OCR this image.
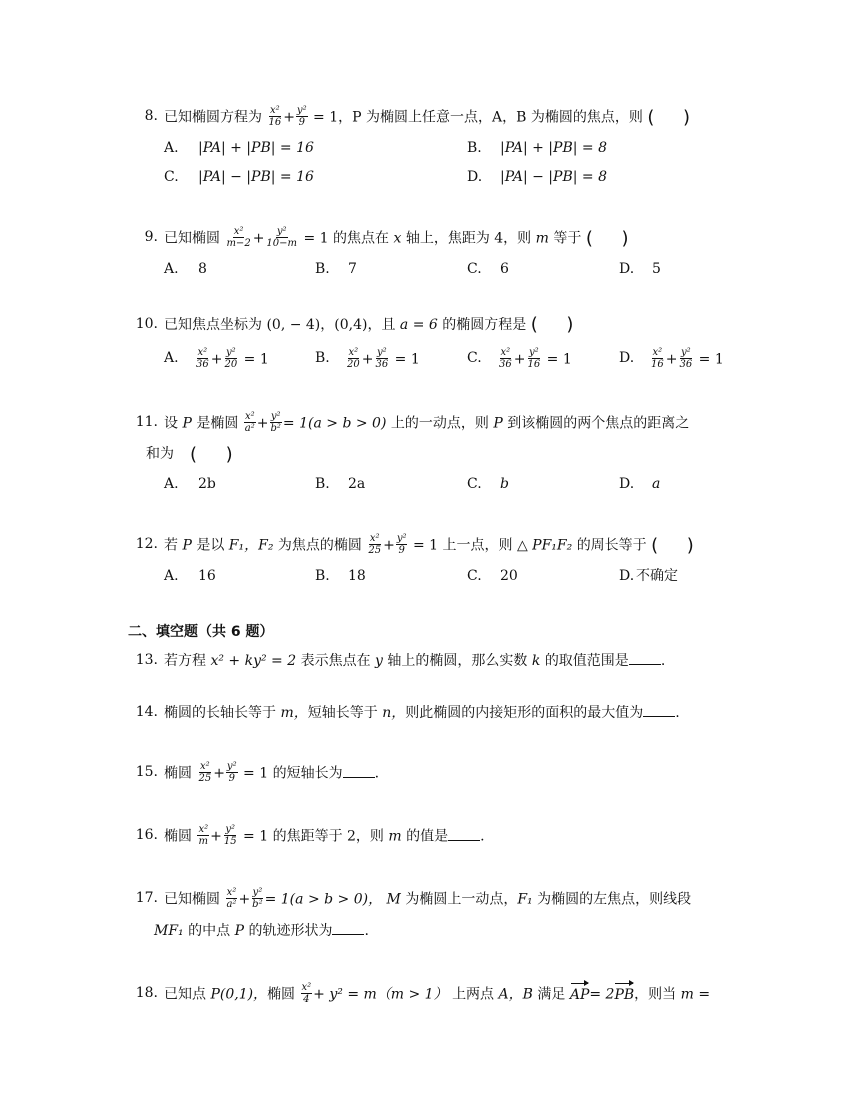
8. 已知椭圆方程为 $\frac{\text{x²}}{16} + \frac{\text{y²}}{9} = 1$，P 为椭圆上任意一点，A，B 为椭圆的焦点，则 (     )
A. |PA| + |PB| = 16	B. |PA| + |PB| = 8
C. |PA| − |PB| = 16	D. |PA| − |PB| = 8
9. 已知椭圆 $\frac{\text{x²}}{m-2} + \frac{\text{y²}}{10-m} = 1$ 的焦点在 x 轴上，焦距为 4，则 m 等于 (     )
A. 8	B. 7	C. 6	D. 5
10. 已知焦点坐标为 (0, − 4)，(0,4)，且 a = 6 的椭圆方程是 (     )
A. $\frac{\text{x²}}{36} + \frac{\text{y²}}{20} = 1$	B. $\frac{\text{x²}}{20} + \frac{\text{y²}}{36} = 1$	C. $\frac{\text{x²}}{36} + \frac{\text{y²}}{16} = 1$	D. $\frac{\text{x²}}{16} + \frac{\text{y²}}{36} = 1$
11. 设 P 是椭圆 $\frac{\text{x²}}{\text{a²}} + \frac{\text{y²}}{\text{b²}} = 1(a > b > 0)$ 上的一动点，则 P 到该椭圆的两个焦点的距离之
和为 (     )
A. 2b	B. 2a	C. b	D. a
12. 若 P 是以 F₁，F₂ 为焦点的椭圆 $\frac{\text{x²}}{25} + \frac{\text{y²}}{9} = 1$ 上一点，则 △ PF₁F₂ 的周长等于 (     )
A. 16	B. 18	C. 20	D. 不确定
二、填空题（共 6 题）
13. 若方程 x² + ky² = 2 表示焦点在 y 轴上的椭圆，那么实数 k 的取值范围是 .
14. 椭圆的长轴长等于 m，短轴长等于 n，则此椭圆的内接矩形的面积的最大值为 .
15. 椭圆 $\frac{\text{x²}}{25} + \frac{\text{y²}}{9} = 1$ 的短轴长为 .
16. 椭圆 $\frac{\text{x²}}{m} + \frac{\text{y²}}{15} = 1$ 的焦距等于 2，则 m 的值是 .
17. 已知椭圆 $\frac{\text{x²}}{\text{a²}} + \frac{\text{y²}}{\text{b²}} = 1(a > b > 0)$， M 为椭圆上一动点，F₁ 为椭圆的左焦点，则线段
MF₁ 的中点 P 的轨迹形状为 .
18. 已知点 P(0,1)，椭圆 $\frac{\text{x²}}{4} + y^2 = m(m > 1)$ 上两点 A，B 满足 AP= 2PB，则当 m =
